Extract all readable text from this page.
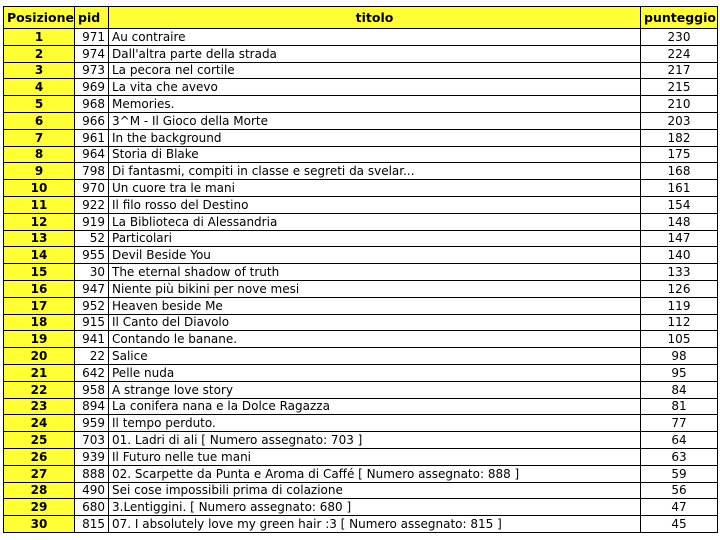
Posizione	pid	titolo	punteggio
1	971	Au contraire	230
2	974	Dall'altra parte della strada	224
3	973	La pecora nel cortile	217
4	969	La vita che avevo	215
5	968	Memories.	210
6	966	3^M - Il Gioco della Morte	203
7	961	In the background	182
8	964	Storia di Blake	175
9	798	Di fantasmi, compiti in classe e segreti da svelar...	168
10	970	Un cuore tra le mani	161
11	922	Il filo rosso del Destino	154
12	919	La Biblioteca di Alessandria	148
13	52	Particolari	147
14	955	Devil Beside You	140
15	30	The eternal shadow of truth	133
16	947	Niente più bikini per nove mesi	126
17	952	Heaven beside Me	119
18	915	Il Canto del Diavolo	112
19	941	Contando le banane.	105
20	22	Salice	98
21	642	Pelle nuda	95
22	958	A strange love story	84
23	894	La conifera nana e la Dolce Ragazza	81
24	959	Il tempo perduto.	77
25	703	01. Ladri di ali [ Numero assegnato: 703 ]	64
26	939	Il Futuro nelle tue mani	63
27	888	02. Scarpette da Punta e Aroma di Caffé [ Numero assegnato: 888 ]	59
28	490	Sei cose impossibili prima di colazione	56
29	680	3.Lentiggini. [ Numero assegnato: 680 ]	47
30	815	07. I absolutely love my green hair :3 [ Numero assegnato: 815 ]	45
